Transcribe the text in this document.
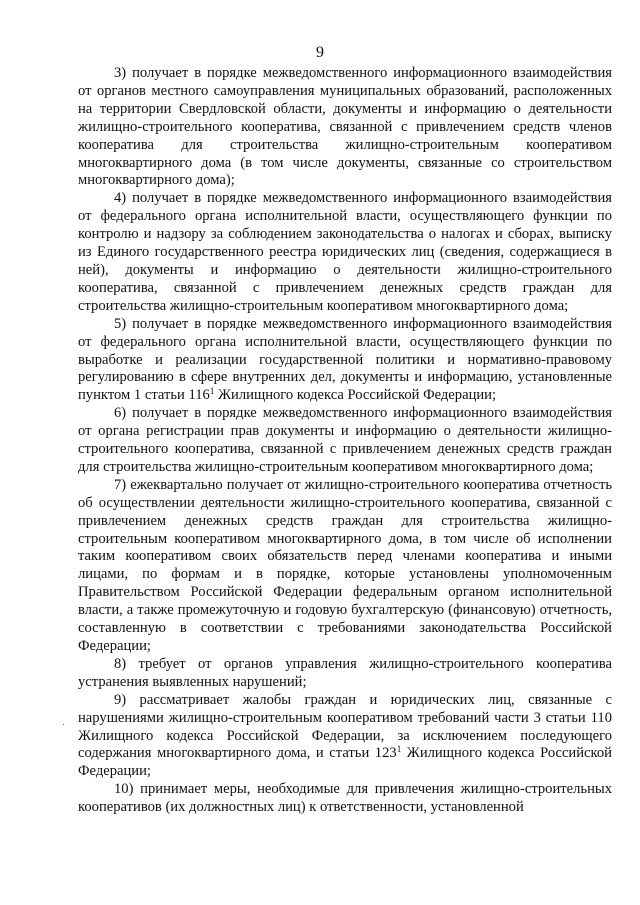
9

3) получает в порядке межведомственного информационного взаимодействия от органов местного самоуправления муниципальных образований, расположенных на территории Свердловской области, документы и информацию о деятельности жилищно-строительного кооператива, связанной с привлечением средств членов кооператива для строительства жилищно-строительным кооперативом многоквартирного дома (в том числе документы, связанные со строительством многоквартирного дома);

4) получает в порядке межведомственного информационного взаимодействия от федерального органа исполнительной власти, осуществляющего функции по контролю и надзору за соблюдением законодательства о налогах и сборах, выписку из Единого государственного реестра юридических лиц (сведения, содержащиеся в ней), документы и информацию о деятельности жилищно-строительного кооператива, связанной с привлечением денежных средств граждан для строительства жилищно-строительным кооперативом многоквартирного дома;

5) получает в порядке межведомственного информационного взаимодействия от федерального органа исполнительной власти, осуществляющего функции по выработке и реализации государственной политики и нормативно-правовому регулированию в сфере внутренних дел, документы и информацию, установленные пунктом 1 статьи $116^1$ Жилищного кодекса Российской Федерации;

6) получает в порядке межведомственного информационного взаимодействия от органа регистрации прав документы и информацию о деятельности жилищно-строительного кооператива, связанной с привлечением денежных средств граждан для строительства жилищно-строительным кооперативом многоквартирного дома;

7) ежеквартально получает от жилищно-строительного кооператива отчетность об осуществлении деятельности жилищно-строительного кооператива, связанной с привлечением денежных средств граждан для строительства жилищно-строительным кооперативом многоквартирного дома, в том числе об исполнении таким кооперативом своих обязательств перед членами кооператива и иными лицами, по формам и в порядке, которые установлены уполномоченным Правительством Российской Федерации федеральным органом исполнительной власти, а также промежуточную и годовую бухгалтерскую (финансовую) отчетность, составленную в соответствии с требованиями законодательства Российской Федерации;

8) требует от органов управления жилищно-строительного кооператива устранения выявленных нарушений;

9) рассматривает жалобы граждан и юридических лиц, связанные с нарушениями жилищно-строительным кооперативом требований части 3 статьи 110 Жилищного кодекса Российской Федерации, за исключением последующего содержания многоквартирного дома, и статьи $123^1$ Жилищного кодекса Российской Федерации;

10) принимает меры, необходимые для привлечения жилищно-строительных кооперативов (их должностных лиц) к ответственности, установленной

·
